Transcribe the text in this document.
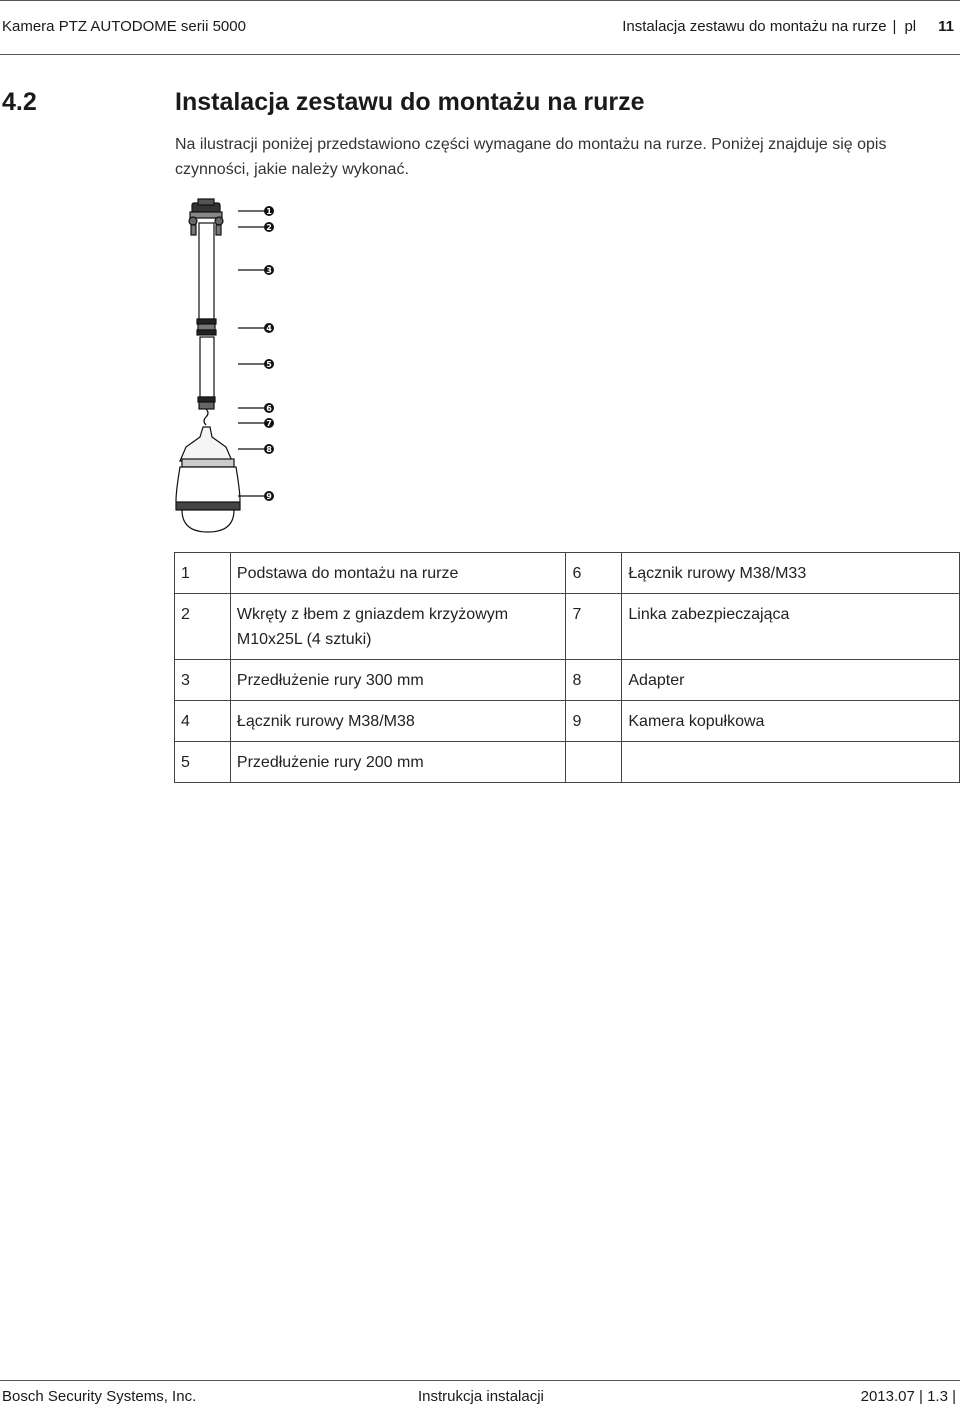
Kamera PTZ AUTODOME serii 5000	Instalacja zestawu do montażu na rurze | pl 11
4.2	Instalacja zestawu do montażu na rurze
Na ilustracji poniżej przedstawiono części wymagane do montażu na rurze. Poniżej znajduje się opis czynności, jakie należy wykonać.
1
2
3
4
5
6
7
8
9
1	Podstawa do montażu na rurze	6	Łącznik rurowy M38/M33
2	Wkręty z łbem z gniazdem krzyżowym M10x25L (4 sztuki)	7	Linka zabezpieczająca
3	Przedłużenie rury 300 mm	8	Adapter
4	Łącznik rurowy M38/M38	9	Kamera kopułkowa
5	Przedłużenie rury 200 mm		
Bosch Security Systems, Inc.	Instrukcja instalacji	2013.07 | 1.3 |
